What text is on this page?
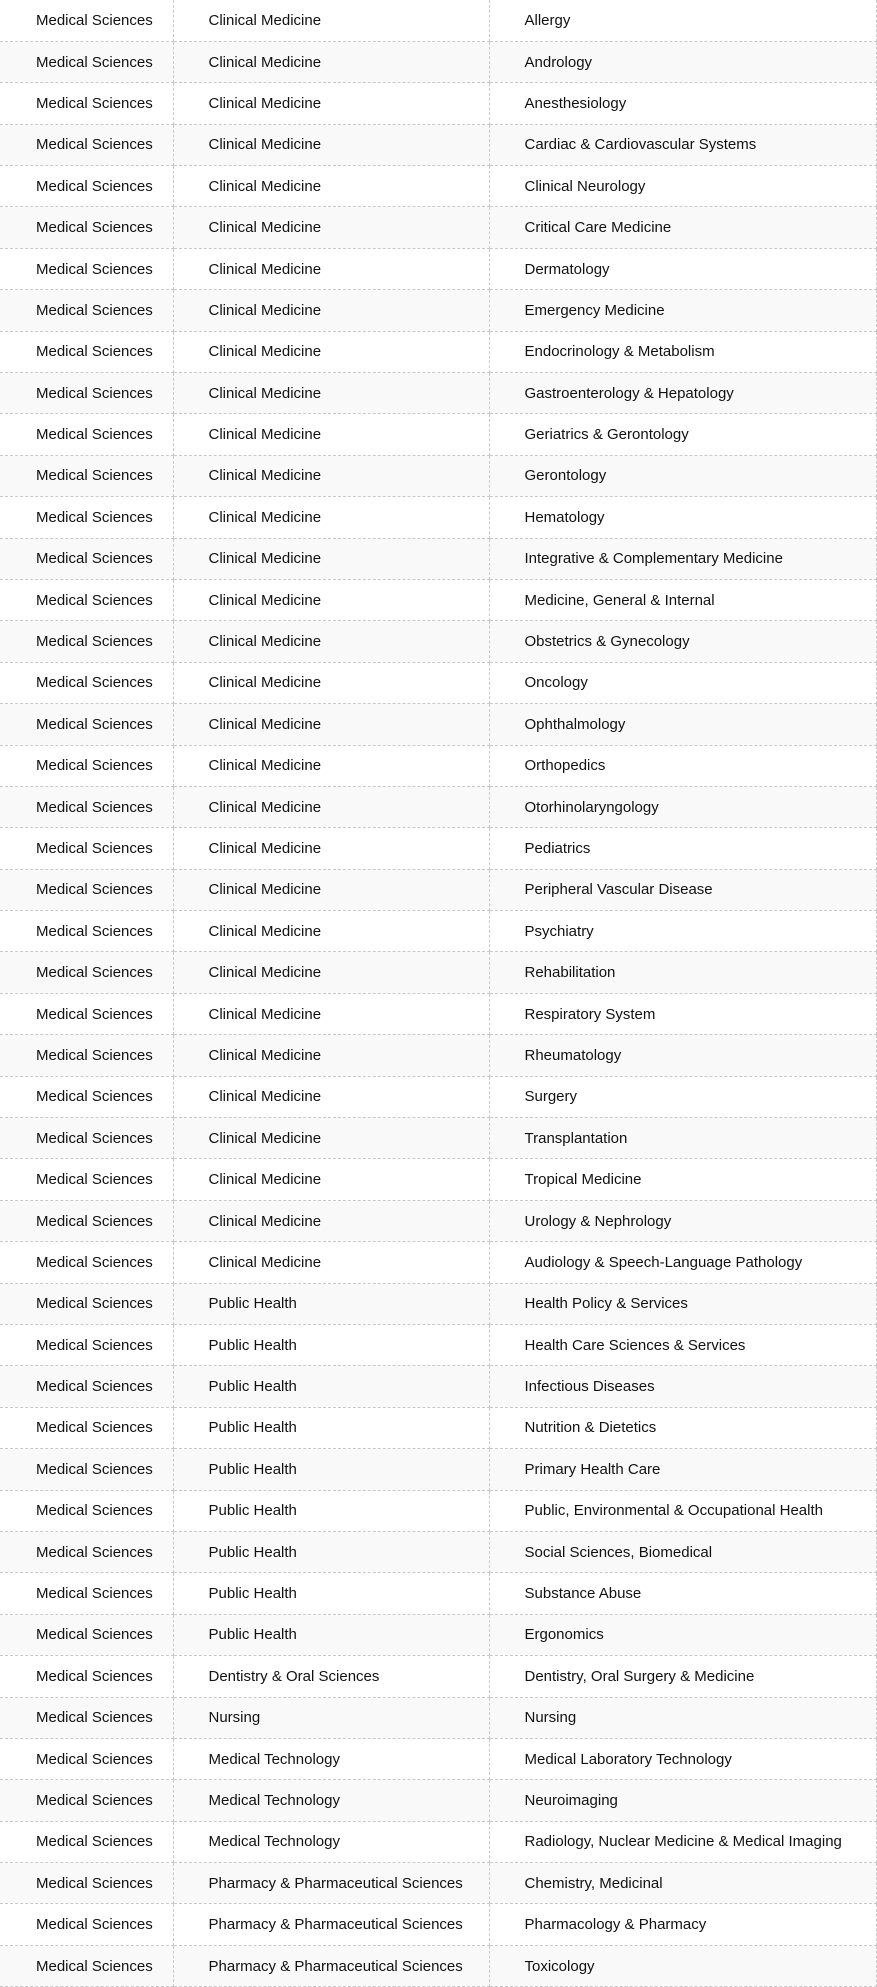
Medical Sciences	Clinical Medicine	Allergy
Medical Sciences	Clinical Medicine	Andrology
Medical Sciences	Clinical Medicine	Anesthesiology
Medical Sciences	Clinical Medicine	Cardiac & Cardiovascular Systems
Medical Sciences	Clinical Medicine	Clinical Neurology
Medical Sciences	Clinical Medicine	Critical Care Medicine
Medical Sciences	Clinical Medicine	Dermatology
Medical Sciences	Clinical Medicine	Emergency Medicine
Medical Sciences	Clinical Medicine	Endocrinology & Metabolism
Medical Sciences	Clinical Medicine	Gastroenterology & Hepatology
Medical Sciences	Clinical Medicine	Geriatrics & Gerontology
Medical Sciences	Clinical Medicine	Gerontology
Medical Sciences	Clinical Medicine	Hematology
Medical Sciences	Clinical Medicine	Integrative & Complementary Medicine
Medical Sciences	Clinical Medicine	Medicine, General & Internal
Medical Sciences	Clinical Medicine	Obstetrics & Gynecology
Medical Sciences	Clinical Medicine	Oncology
Medical Sciences	Clinical Medicine	Ophthalmology
Medical Sciences	Clinical Medicine	Orthopedics
Medical Sciences	Clinical Medicine	Otorhinolaryngology
Medical Sciences	Clinical Medicine	Pediatrics
Medical Sciences	Clinical Medicine	Peripheral Vascular Disease
Medical Sciences	Clinical Medicine	Psychiatry
Medical Sciences	Clinical Medicine	Rehabilitation
Medical Sciences	Clinical Medicine	Respiratory System
Medical Sciences	Clinical Medicine	Rheumatology
Medical Sciences	Clinical Medicine	Surgery
Medical Sciences	Clinical Medicine	Transplantation
Medical Sciences	Clinical Medicine	Tropical Medicine
Medical Sciences	Clinical Medicine	Urology & Nephrology
Medical Sciences	Clinical Medicine	Audiology & Speech-Language Pathology
Medical Sciences	Public Health	Health Policy & Services
Medical Sciences	Public Health	Health Care Sciences & Services
Medical Sciences	Public Health	Infectious Diseases
Medical Sciences	Public Health	Nutrition & Dietetics
Medical Sciences	Public Health	Primary Health Care
Medical Sciences	Public Health	Public, Environmental & Occupational Health
Medical Sciences	Public Health	Social Sciences, Biomedical
Medical Sciences	Public Health	Substance Abuse
Medical Sciences	Public Health	Ergonomics
Medical Sciences	Dentistry & Oral Sciences	Dentistry, Oral Surgery & Medicine
Medical Sciences	Nursing	Nursing
Medical Sciences	Medical Technology	Medical Laboratory Technology
Medical Sciences	Medical Technology	Neuroimaging
Medical Sciences	Medical Technology	Radiology, Nuclear Medicine & Medical Imaging
Medical Sciences	Pharmacy & Pharmaceutical Sciences	Chemistry, Medicinal
Medical Sciences	Pharmacy & Pharmaceutical Sciences	Pharmacology & Pharmacy
Medical Sciences	Pharmacy & Pharmaceutical Sciences	Toxicology
